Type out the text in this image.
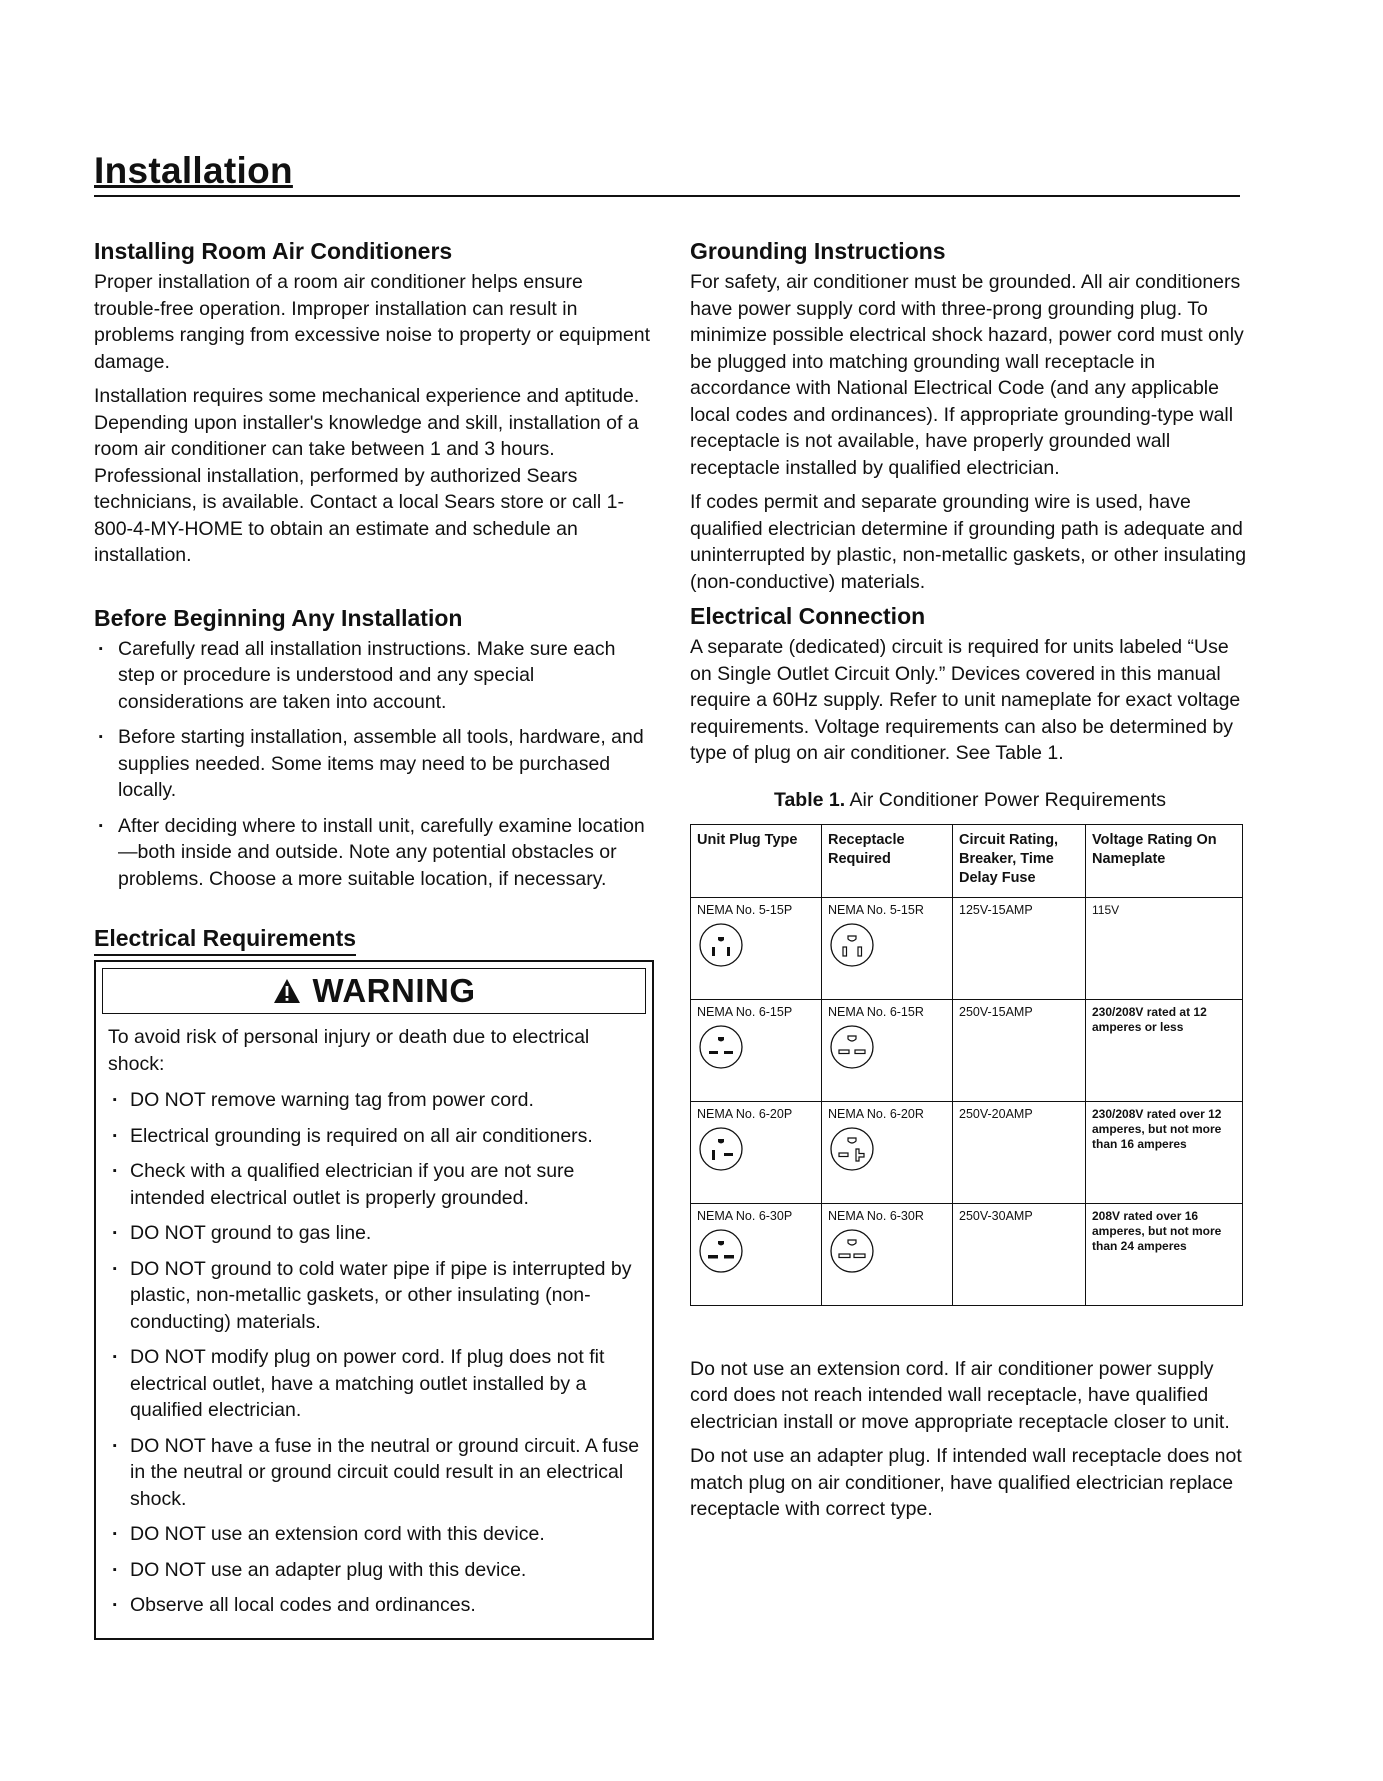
Installation
Installing Room Air Conditioners

Proper installation of a room air conditioner helps ensure trouble-free operation. Improper installation can result in problems ranging from excessive noise to property or equipment damage.

Installation requires some mechanical experience and aptitude. Depending upon installer's knowledge and skill, installation of a room air conditioner can take between 1 and 3 hours. Professional installation, performed by authorized Sears technicians, is available. Contact a local Sears store or call 1-800-4-MY-HOME to obtain an estimate and schedule an installation.

Before Beginning Any Installation
· Carefully read all installation instructions. Make sure each step or procedure is understood and any special considerations are taken into account.
· Before starting installation, assemble all tools, hardware, and supplies needed. Some items may need to be purchased locally.
· After deciding where to install unit, carefully examine location—both inside and outside. Note any potential obstacles or problems. Choose a more suitable location, if necessary.
Electrical Requirements
WARNING

To avoid risk of personal injury or death due to electrical shock:

· DO NOT remove warning tag from power cord.
· Electrical grounding is required on all air conditioners.
· Check with a qualified electrician if you are not sure intended electrical outlet is properly grounded.
· DO NOT ground to gas line.
· DO NOT ground to cold water pipe if pipe is interrupted by plastic, non-metallic gaskets, or other insulating (non-conducting) materials.
· DO NOT modify plug on power cord. If plug does not fit electrical outlet, have a matching outlet installed by a qualified electrician.
· DO NOT have a fuse in the neutral or ground circuit. A fuse in the neutral or ground circuit could result in an electrical shock.
· DO NOT use an extension cord with this device.
· DO NOT use an adapter plug with this device.
· Observe all local codes and ordinances.
Grounding Instructions

For safety, air conditioner must be grounded. All air conditioners have power supply cord with three-prong grounding plug. To minimize possible electrical shock hazard, power cord must only be plugged into matching grounding wall receptacle in accordance with National Electrical Code (and any applicable local codes and ordinances). If appropriate grounding-type wall receptacle is not available, have properly grounded wall receptacle installed by qualified electrician.

If codes permit and separate grounding wire is used, have qualified electrician determine if grounding path is adequate and uninterrupted by plastic, non-metallic gaskets, or other insulating (non-conductive) materials.

Electrical Connection

A separate (dedicated) circuit is required for units labeled “Use on Single Outlet Circuit Only.” Devices covered in this manual require a 60Hz supply. Refer to unit nameplate for exact voltage requirements. Voltage requirements can also be determined by type of plug on air conditioner. See Table 1.

Table 1. Air Conditioner Power Requirements
Unit Plug Type	Receptacle Required	Circuit Rating, Breaker, Time Delay Fuse	Voltage Rating On Nameplate

NEMA No. 5-15P	NEMA No. 5-15R	125V-15AMP	115V

NEMA No. 6-15P	NEMA No. 6-15R	250V-15AMP	230/208V rated at 12 amperes or less

NEMA No. 6-20P	NEMA No. 6-20R	250V-20AMP	230/208V rated over 12 amperes, but not more than 16 amperes

NEMA No. 6-30P	NEMA No. 6-30R	250V-30AMP	208V rated over 16 amperes, but not more than 24 amperes

Do not use an extension cord. If air conditioner power supply cord does not reach intended wall receptacle, have qualified electrician install or move appropriate receptacle closer to unit.

Do not use an adapter plug. If intended wall receptacle does not match plug on air conditioner, have qualified electrician replace receptacle with correct type.
